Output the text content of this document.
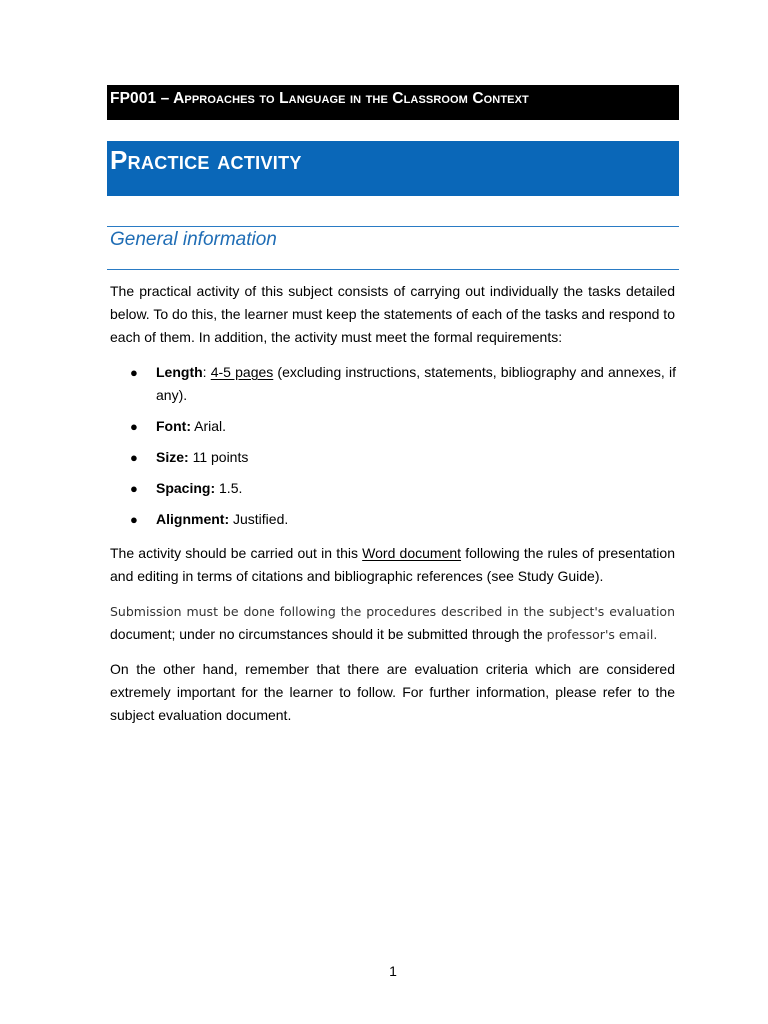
FP001 – Approaches to Language in the Classroom Context
Practice activity
General information

The practical activity of this subject consists of carrying out individually the tasks detailed below. To do this, the learner must keep the statements of each of the tasks and respond to each of them. In addition, the activity must meet the formal requirements:

● Length: 4-5 pages (excluding instructions, statements, bibliography and annexes, if any).
● Font: Arial.
● Size: 11 points
● Spacing: 1.5.
● Alignment: Justified.

The activity should be carried out in this Word document following the rules of presentation and editing in terms of citations and bibliographic references (see Study Guide).

Submission must be done following the procedures described in the subject's evaluation document; under no circumstances should it be submitted through the professor's email.

On the other hand, remember that there are evaluation criteria which are considered extremely important for the learner to follow. For further information, please refer to the subject evaluation document.

1
